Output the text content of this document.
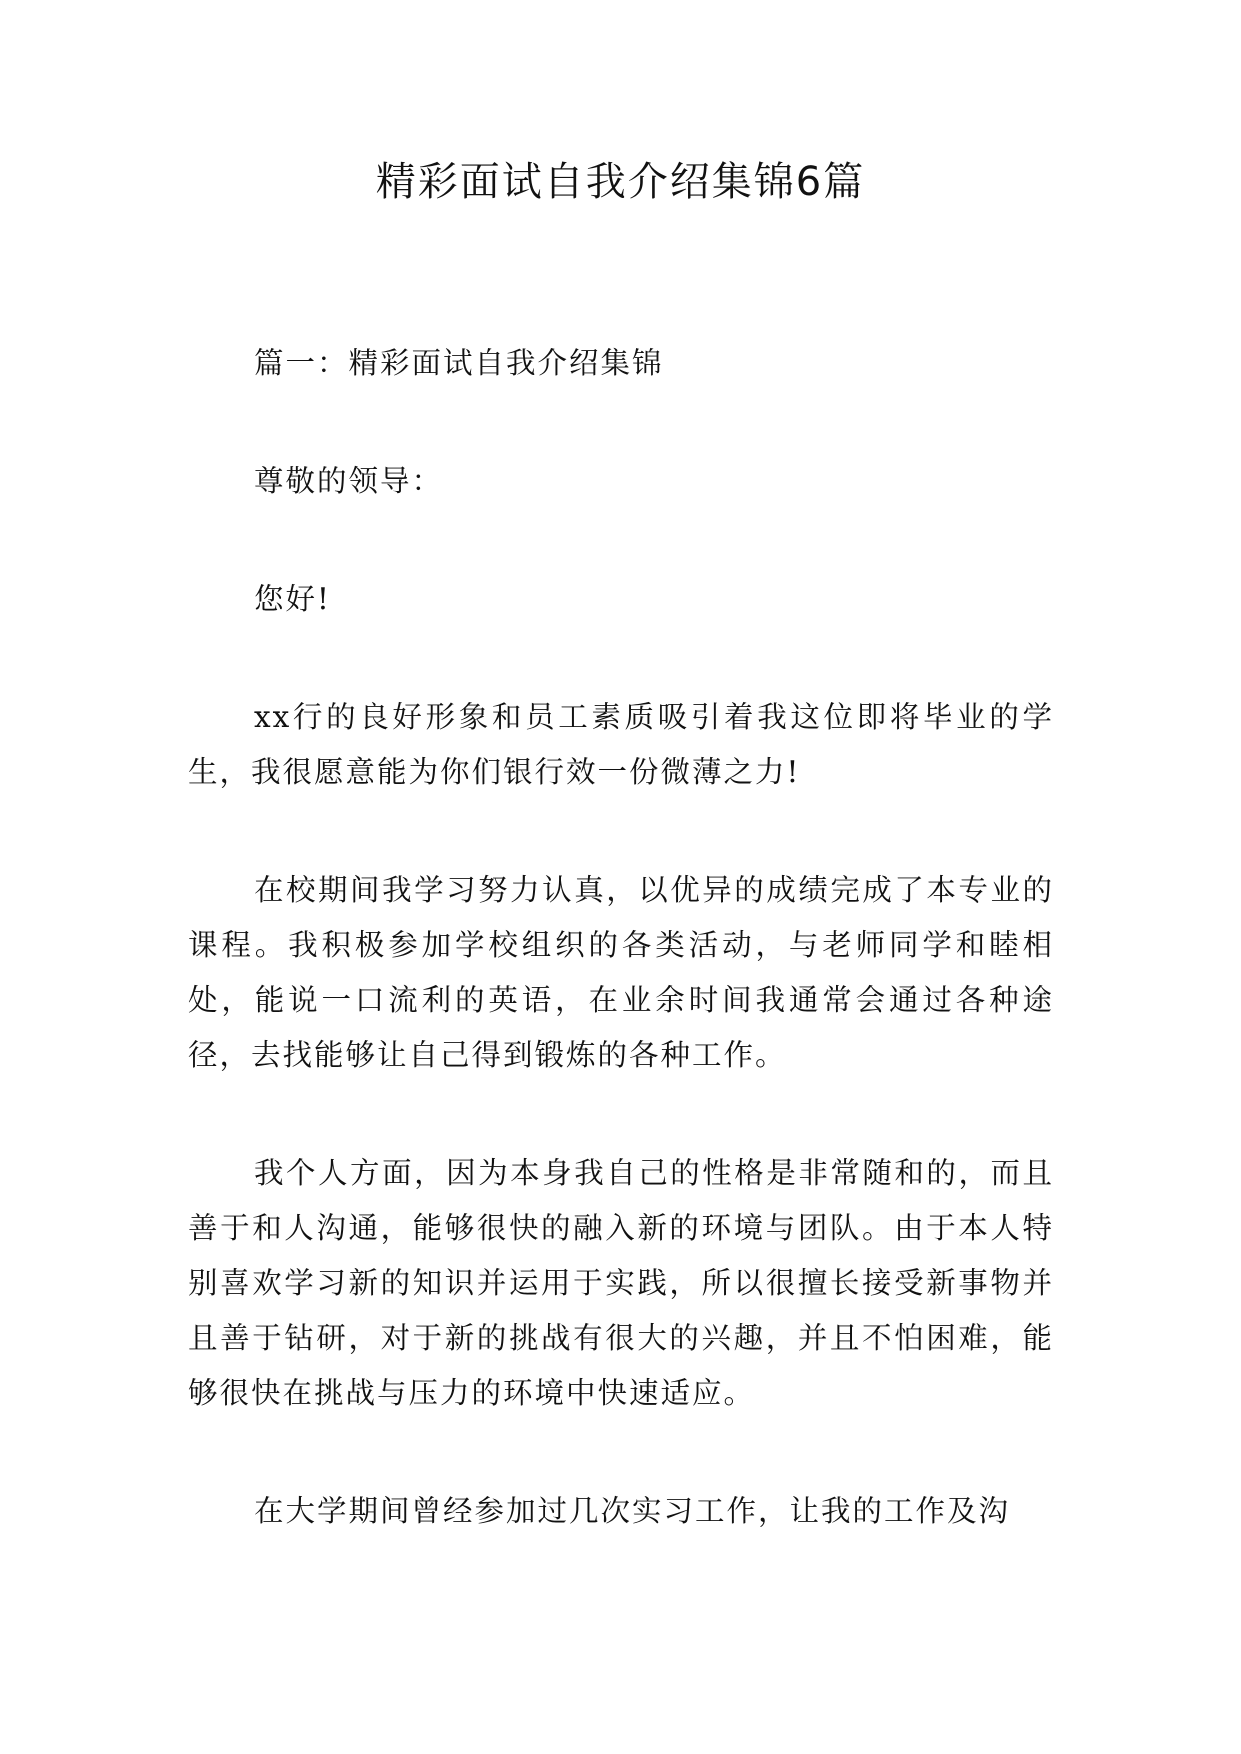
精彩面试自我介绍集锦6篇

篇一：精彩面试自我介绍集锦

尊敬的领导：

您好!

xx行的良好形象和员工素质吸引着我这位即将毕业的学生，我很愿意能为你们银行效一份微薄之力!

在校期间我学习努力认真，以优异的成绩完成了本专业的课程。我积极参加学校组织的各类活动，与老师同学和睦相处，能说一口流利的英语，在业余时间我通常会通过各种途径，去找能够让自己得到锻炼的各种工作。

我个人方面，因为本身我自己的性格是非常随和的，而且善于和人沟通，能够很快的融入新的环境与团队。由于本人特别喜欢学习新的知识并运用于实践，所以很擅长接受新事物并且善于钻研，对于新的挑战有很大的兴趣，并且不怕困难，能够很快在挑战与压力的环境中快速适应。

在大学期间曾经参加过几次实习工作，让我的工作及沟
